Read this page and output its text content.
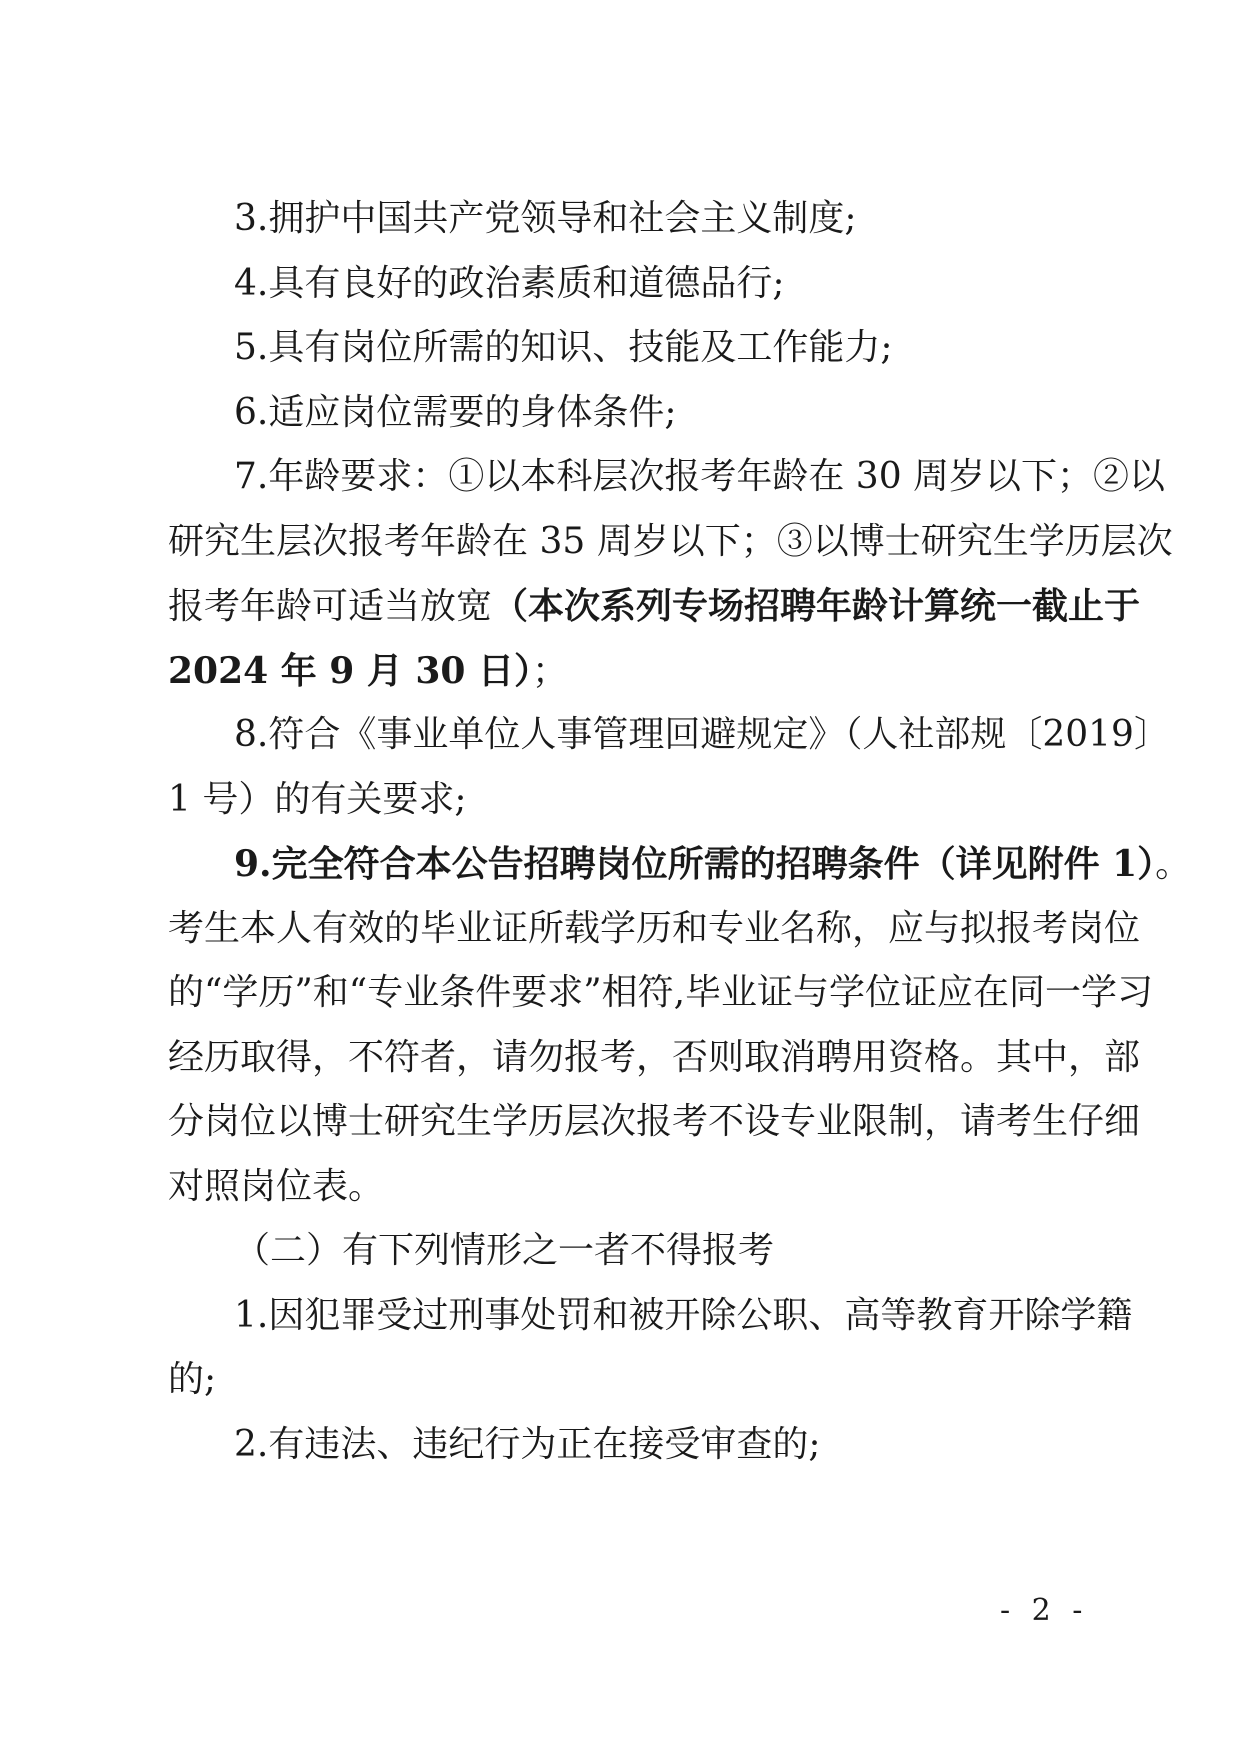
3.拥护中国共产党领导和社会主义制度;
4.具有良好的政治素质和道德品行;
5.具有岗位所需的知识、技能及工作能力;
6.适应岗位需要的身体条件;
7.年龄要求：①以本科层次报考年龄在 30 周岁以下；②以
研究生层次报考年龄在 35 周岁以下；③以博士研究生学历层次
报考年龄可适当放宽（本次系列专场招聘年龄计算统一截止于
2024 年 9 月 30 日）；
8.符合《事业单位人事管理回避规定》（人社部规〔2019〕
1 号）的有关要求;
9.完全符合本公告招聘岗位所需的招聘条件（详见附件 1）。
考生本人有效的毕业证所载学历和专业名称，应与拟报考岗位
的“学历”和“专业条件要求”相符,毕业证与学位证应在同一学习
经历取得，不符者，请勿报考，否则取消聘用资格。其中，部
分岗位以博士研究生学历层次报考不设专业限制，请考生仔细
对照岗位表。
（二）有下列情形之一者不得报考
1.因犯罪受过刑事处罚和被开除公职、高等教育开除学籍
的;
2.有违法、违纪行为正在接受审查的;
- 2 -
